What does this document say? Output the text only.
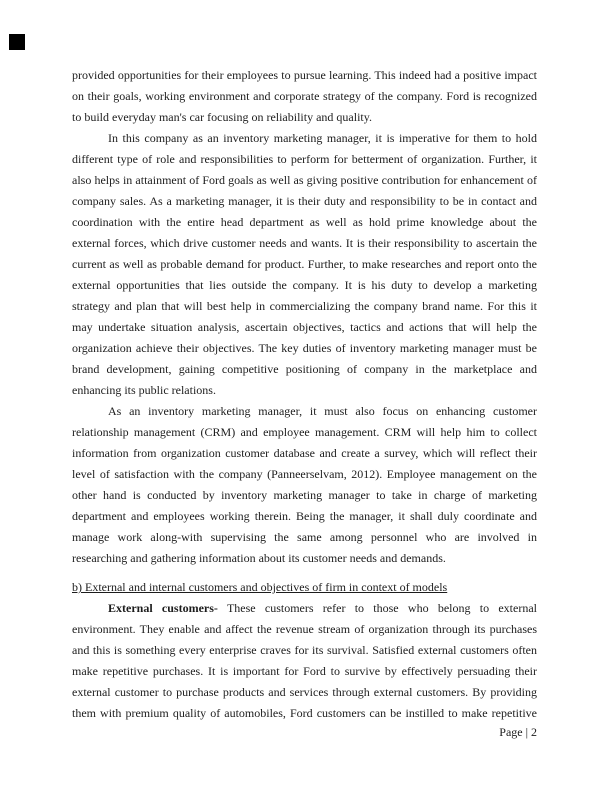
provided opportunities for their employees to pursue learning. This indeed had a positive impact on their goals, working environment and corporate strategy of the company. Ford is recognized to build everyday man's car focusing on reliability and quality.

In this company as an inventory marketing manager, it is imperative for them to hold different type of role and responsibilities to perform for betterment of organization. Further, it also helps in attainment of Ford goals as well as giving positive contribution for enhancement of company sales. As a marketing manager, it is their duty and responsibility to be in contact and coordination with the entire head department as well as hold prime knowledge about the external forces, which drive customer needs and wants. It is their responsibility to ascertain the current as well as probable demand for product. Further, to make researches and report onto the external opportunities that lies outside the company. It is his duty to develop a marketing strategy and plan that will best help in commercializing the company brand name. For this it may undertake situation analysis, ascertain objectives, tactics and actions that will help the organization achieve their objectives. The key duties of inventory marketing manager must be brand development, gaining competitive positioning of company in the marketplace and enhancing its public relations.

As an inventory marketing manager, it must also focus on enhancing customer relationship management (CRM) and employee management. CRM will help him to collect information from organization customer database and create a survey, which will reflect their level of satisfaction with the company (Panneerselvam, 2012). Employee management on the other hand is conducted by inventory marketing manager to take in charge of marketing department and employees working therein. Being the manager, it shall duly coordinate and manage work along-with supervising the same among personnel who are involved in researching and gathering information about its customer needs and demands.

b) External and internal customers and objectives of firm in context of models

External customers- These customers refer to those who belong to external environment. They enable and affect the revenue stream of organization through its purchases and this is something every enterprise craves for its survival. Satisfied external customers often make repetitive purchases. It is important for Ford to survive by effectively persuading their external customer to purchase products and services through external customers. By providing them with premium quality of automobiles, Ford customers can be instilled to make repetitive

Page | 2
